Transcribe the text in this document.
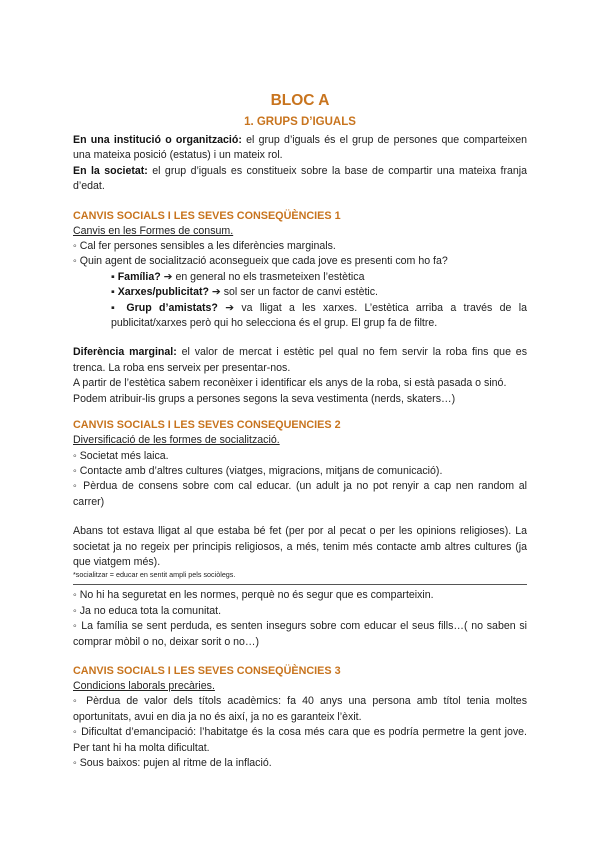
BLOC A
1. GRUPS D’IGUALS

En una institució o organització: el grup d’iguals és el grup de persones que comparteixen una mateixa posició (estatus) i un mateix rol.

En la societat: el grup d’iguals es constitueix sobre la base de compartir una mateixa franja d’edat.

CANVIS SOCIALS I LES SEVES CONSEQÜÈNCIES 1

Canvis en les Formes de consum.

◦ Cal fer persones sensibles a les diferències marginals.

◦ Quin agent de socialització aconsegueix que cada jove es presenti com ho fa?

▪ Família? ➔ en general no els trasmeteixen l’estètica

▪ Xarxes/publicitat? ➔ sol ser un factor de canvi estètic.

▪ Grup d’amistats? ➔ va lligat a les xarxes. L’estètica arriba a través de la publicitat/xarxes però qui ho selecciona és el grup. El grup fa de filtre.

Diferència marginal: el valor de mercat i estètic pel qual no fem servir la roba fins que es trenca. La roba ens serveix per presentar-nos.

A partir de l’estètica sabem reconèixer i identificar els anys de la roba, si està pasada o sinó.

Podem atribuir-lis grups a persones segons la seva vestimenta (nerds, skaters…)

CANVIS SOCIALS I LES SEVES CONSEQUENCIES 2

Diversificació de les formes de socialització.

◦ Societat més laica.

◦ Contacte amb d’altres cultures (viatges, migracions, mitjans de comunicació).

◦ Pèrdua de consens sobre com cal educar. (un adult ja no pot renyir a cap nen random al carrer)

Abans tot estava lligat al que estaba bé fet (per por al pecat o per les opinions religioses). La societat ja no regeix per principis religiosos, a més, tenim més contacte amb altres cultures (ja que viatgem més).

*socialitzar = educar en sentit ampli pels sociòlegs.

◦ No hi ha seguretat en les normes, perquè no és segur que es comparteixin.

◦ Ja no educa tota la comunitat.

◦ La família se sent perduda, es senten insegurs sobre com educar el seus fills…( no saben si comprar mòbil o no, deixar sorit o no…)

CANVIS SOCIALS I LES SEVES CONSEQÜÈNCIES 3

Condicions laborals precàries.

◦ Pèrdua de valor dels títols acadèmics: fa 40 anys una persona amb títol tenia moltes oportunitats, avui en dia ja no és així, ja no es garanteix l’èxit.

◦ Dificultat d’emancipació: l’habitatge és la cosa més cara que es podría permetre la gent jove. Per tant hi ha molta dificultat.

◦ Sous baixos: pujen al ritme de la inflació.
